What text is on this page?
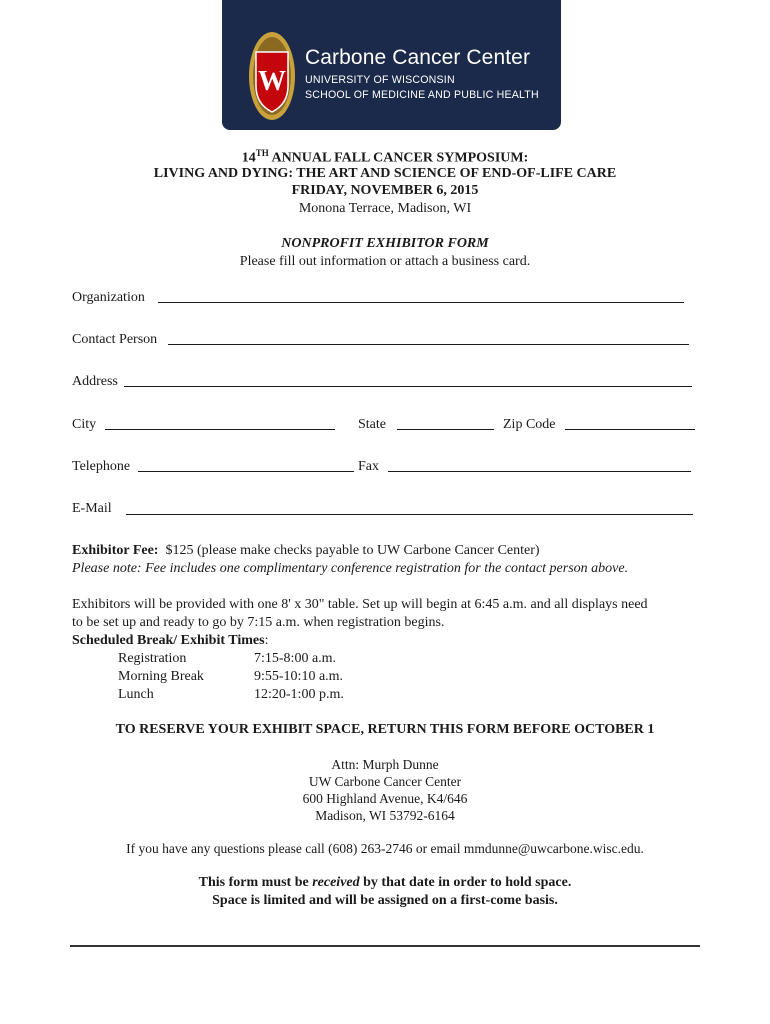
W
Carbone Cancer Center
UNIVERSITY OF WISCONSIN
SCHOOL OF MEDICINE AND PUBLIC HEALTH
14TH ANNUAL FALL CANCER SYMPOSIUM:
LIVING AND DYING: THE ART AND SCIENCE OF END-OF-LIFE CARE
FRIDAY, NOVEMBER 6, 2015
Monona Terrace, Madison, WI
NONPROFIT EXHIBITOR FORM
Please fill out information or attach a business card.
Organization
Contact Person
Address
City	State	Zip Code
Telephone	Fax
E-Mail
Exhibitor Fee:  $125 (please make checks payable to UW Carbone Cancer Center)
Please note: Fee includes one complimentary conference registration for the contact person above.
Exhibitors will be provided with one 8' x 30" table. Set up will begin at 6:45 a.m. and all displays need
to be set up and ready to go by 7:15 a.m. when registration begins.
Scheduled Break/ Exhibit Times:
Registration	7:15-8:00 a.m.
Morning Break	9:55-10:10 a.m.
Lunch	12:20-1:00 p.m.
TO RESERVE YOUR EXHIBIT SPACE, RETURN THIS FORM BEFORE OCTOBER 1
Attn: Murph Dunne
UW Carbone Cancer Center
600 Highland Avenue, K4/646
Madison, WI 53792-6164
If you have any questions please call (608) 263-2746 or email mmdunne@uwcarbone.wisc.edu.
This form must be received by that date in order to hold space.
Space is limited and will be assigned on a first-come basis.
